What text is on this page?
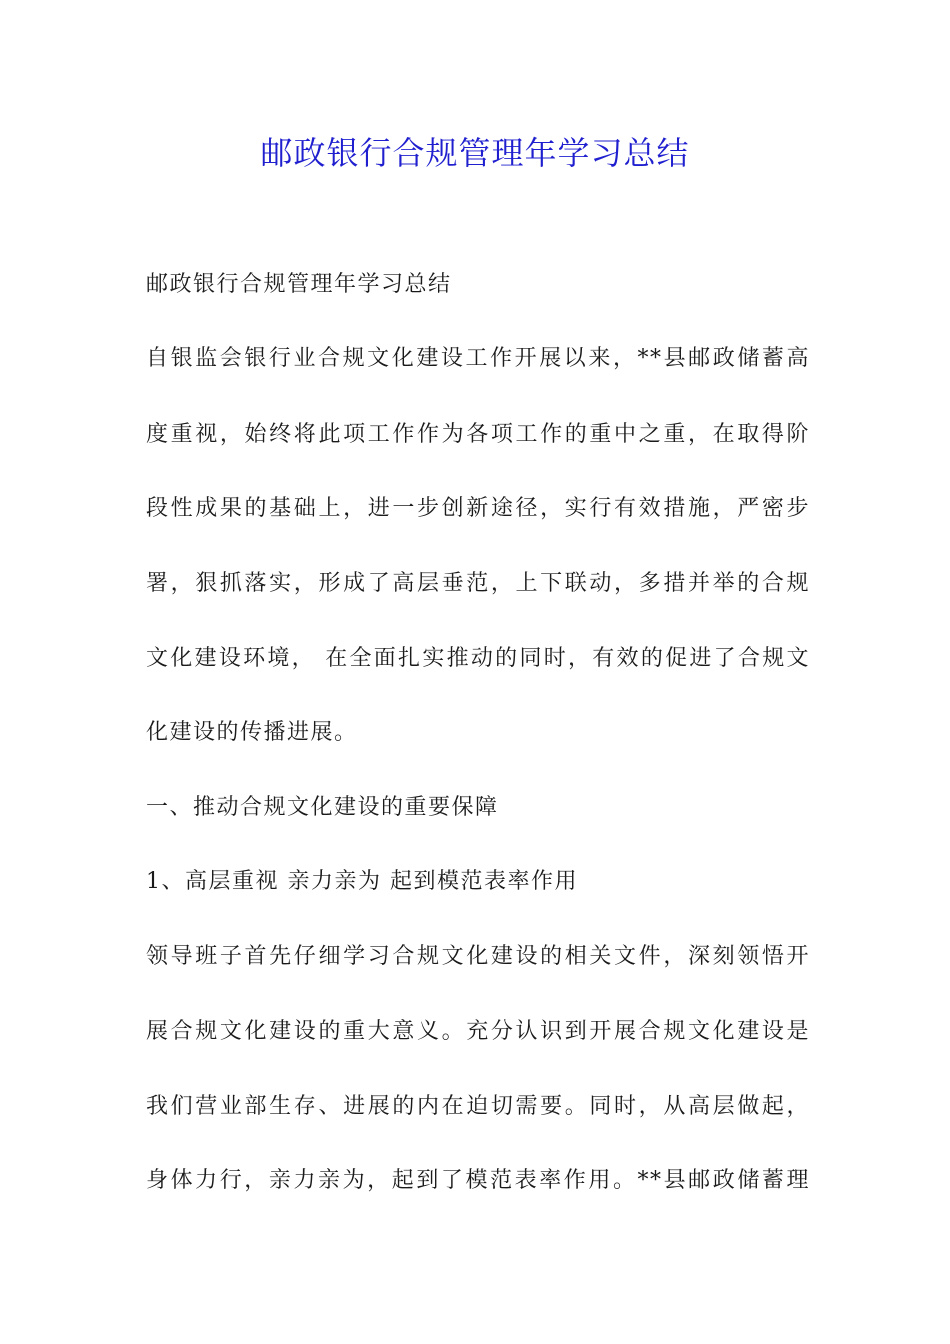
邮政银行合规管理年学习总结
邮政银行合规管理年学习总结
自银监会银行业合规文化建设工作开展以来，**县邮政储蓄高
度重视，始终将此项工作作为各项工作的重中之重，在取得阶
段性成果的基础上，进一步创新途径，实行有效措施，严密步
署，狠抓落实，形成了高层垂范，上下联动，多措并举的合规
文化建设环境， 在全面扎实推动的同时，有效的促进了合规文
化建设的传播进展。
一、推动合规文化建设的重要保障
1、高层重视 亲力亲为 起到模范表率作用
领导班子首先仔细学习合规文化建设的相关文件，深刻领悟开
展合规文化建设的重大意义。充分认识到开展合规文化建设是
我们营业部生存、进展的内在迫切需要。同时，从高层做起，
身体力行，亲力亲为，起到了模范表率作用。**县邮政储蓄理
